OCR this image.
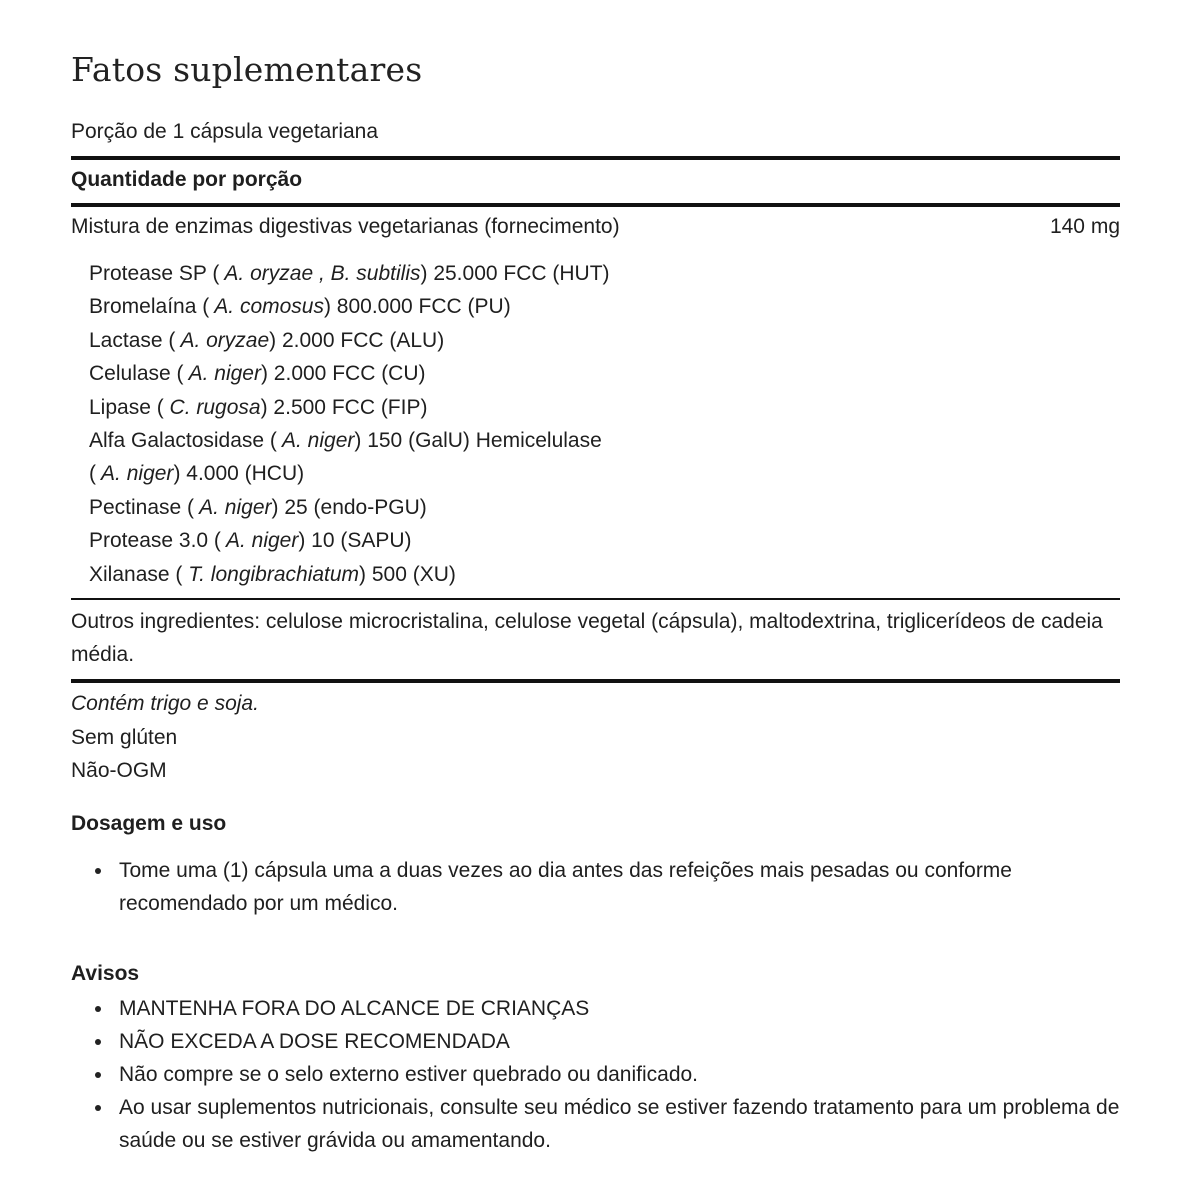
Fatos suplementares
Porção de 1 cápsula vegetariana
Quantidade por porção
Mistura de enzimas digestivas vegetarianas (fornecimento)	140 mg
Protease SP ( A. oryzae , B. subtilis) 25.000 FCC (HUT)
Bromelaína ( A. comosus) 800.000 FCC (PU)
Lactase ( A. oryzae) 2.000 FCC (ALU)
Celulase ( A. niger) 2.000 FCC (CU)
Lipase ( C. rugosa) 2.500 FCC (FIP)
Alfa Galactosidase ( A. niger) 150 (GalU) Hemicelulase
( A. niger) 4.000 (HCU)
Pectinase ( A. niger) 25 (endo-PGU)
Protease 3.0 ( A. niger) 10 (SAPU)
Xilanase ( T. longibrachiatum) 500 (XU)
Outros ingredientes: celulose microcristalina, celulose vegetal (cápsula), maltodextrina, triglicerídeos de cadeia média.
Contém trigo e soja.
Sem glúten
Não-OGM
Dosagem e uso
Tome uma (1) cápsula uma a duas vezes ao dia antes das refeições mais pesadas ou conforme recomendado por um médico.
Avisos
MANTENHA FORA DO ALCANCE DE CRIANÇAS
NÃO EXCEDA A DOSE RECOMENDADA
Não compre se o selo externo estiver quebrado ou danificado.
Ao usar suplementos nutricionais, consulte seu médico se estiver fazendo tratamento para um problema de saúde ou se estiver grávida ou amamentando.
